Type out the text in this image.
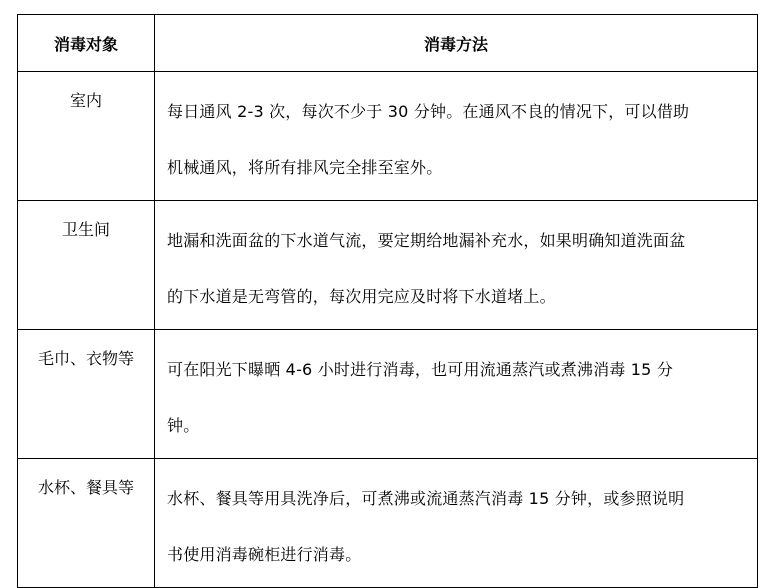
消毒对象	消毒方法
室内	每日通风 2-3 次，每次不少于 30 分钟。在通风不良的情况下，可以借助
机械通风，将所有排风完全排至室外。

卫生间	地漏和洗面盆的下水道气流，要定期给地漏补充水，如果明确知道洗面盆
的下水道是无弯管的，每次用完应及时将下水道堵上。

毛巾、衣物等	可在阳光下曝晒 4-6 小时进行消毒，也可用流通蒸汽或煮沸消毒 15 分
钟。

水杯、餐具等	水杯、餐具等用具洗净后，可煮沸或流通蒸汽消毒 15 分钟，或参照说明
书使用消毒碗柜进行消毒。
